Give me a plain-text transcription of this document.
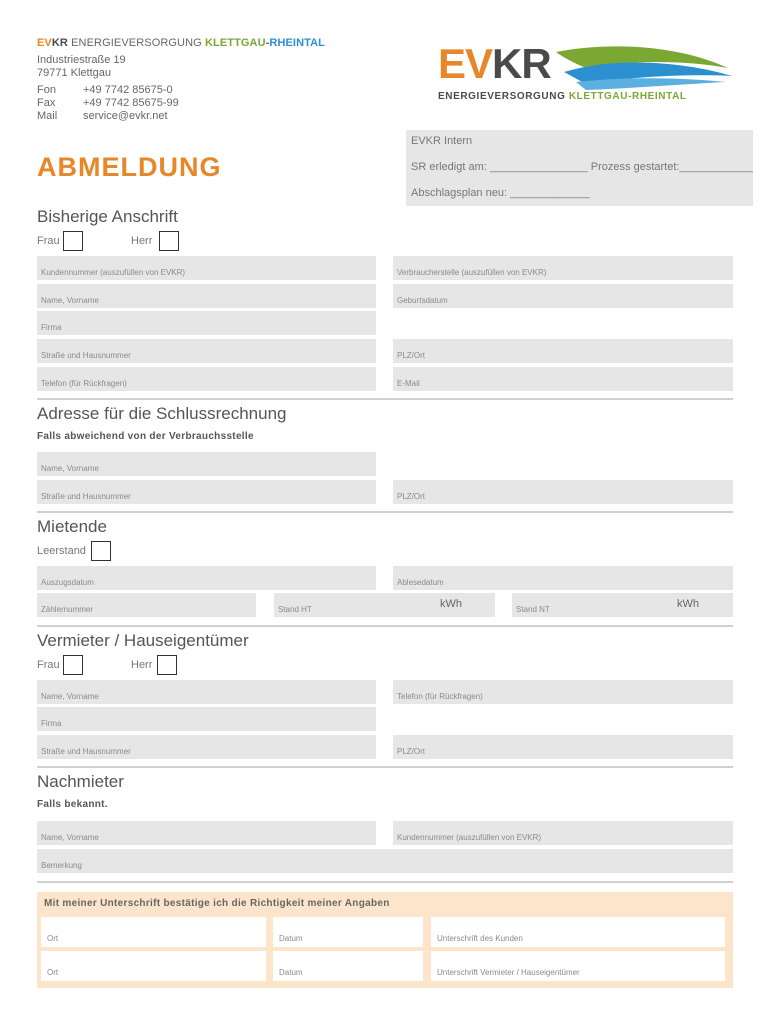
EVKR ENERGIEVERSORGUNG KLETTGAU-RHEINTAL
Industriestraße 19
79771 Klettgau
Fon +49 7742 85675-0
Fax	+49 7742 85675-99
Mail service@evkr.net
EVKR
ENERGIEVERSORGUNG KLETTGAU-RHEINTAL
ABMELDUNG
EVKR Intern
SR erledigt am: ________________ Prozess gestartet:____________
Abschlagsplan neu: _____________
Bisherige Anschrift
Frau	Herr
Kundennummer (auszufüllen von EVKR)	Verbraucherstelle (auszufüllen von EVKR)
Name, Vorname	Geburtsdatum
Firma
Straße und Hausnummer	PLZ/Ort
Telefon (für Rückfragen)	E-Mail
Adresse für die Schlussrechnung
Falls abweichend von der Verbrauchsstelle
Name, Vorname
Straße und Hausnummer	PLZ/Ort
Mietende
Leerstand
Auszugsdatum	Ablesedatum
Zählernummer	Stand HT	kWh	Stand NT	kWh
Vermieter / Hauseigentümer
Frau	Herr
Name, Vorname	Telefon (für Rückfragen)
Firma
Straße und Hausnummer	PLZ/Ort
Nachmieter
Falls bekannt.
Name, Vorname	Kundennummer (auszufüllen von EVKR)
Bemerkung
Mit meiner Unterschrift bestätige ich die Richtigkeit meiner Angaben
Ort	Datum	Unterschrift des Kunden
Ort	Datum	Unterschrift Vermieter / Hauseigentümer
